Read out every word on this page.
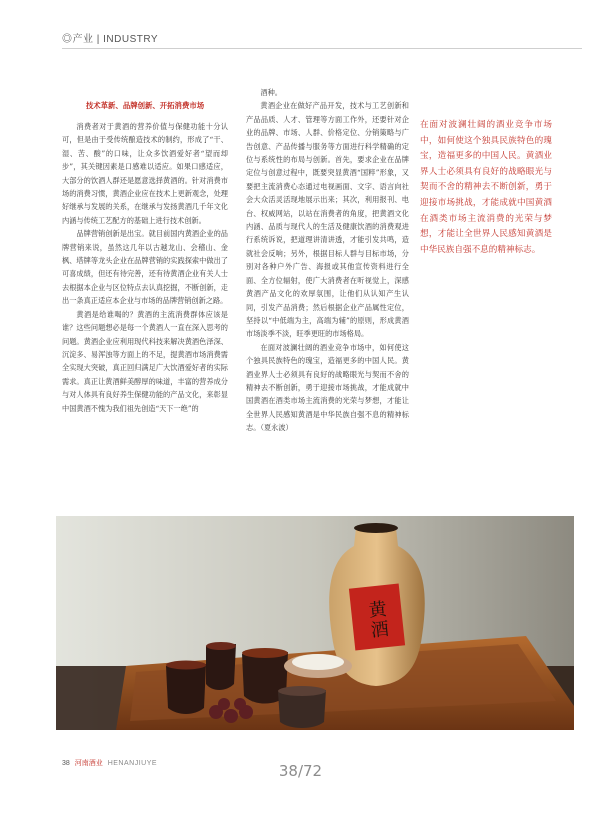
◎产业 | INDUSTRY
技术革新、品牌创新、开拓消费市场

消费者对于黄酒的营养价值与保健功能十分认可，但是由于受传统酿造技术的制约，形成了“干、湿、苦、酸”的口味，让众多饮酒爱好者“望而却步”，其关键因素是口感难以适应。如果口感适应，大部分的饮酒人群还是愿意选择黄酒的。针对消费市场的消费习惯，黄酒企业应在技术上更新观念，处理好继承与发展的关系，在继承与发扬黄酒几千年文化内涵与传统工艺配方的基础上进行技术创新。

品牌营销创新是出宝。就目前国内黄酒企业的品牌营销来说，虽然这几年以古越龙山、会稽山、金枫、塔牌等龙头企业在品牌营销的实践探索中做出了可喜成绩，但还有待完善，还有待黄酒企业有关人士去根据本企业与区位特点去认真挖掘，不断创新，走出一条真正适应本企业与市场的品牌营销创新之路。

黄酒是给谁喝的？黄酒的主流消费群体应该是谁？这些问题想必是每一个黄酒人一直在深入思考的问题。黄酒企业应利用现代科技来解决黄酒色泽深、沉淀多、易浑浊等方面上的不足，提黄酒市场消费需全实现大突破，真正回归满足广大饮酒爱好者的实际需求。真正让黄酒鲜美醇厚的味道，丰富的营养成分与对人体具有良好养生保健功能的产品文化，来彰显中国黄酒不愧为我们祖先创造“天下一绝”的

酒种。

黄酒企业在做好产品开发，技术与工艺创新和产品品质、人才、管理等方面工作外，还要针对企业的品牌、市场、人群、价格定位、分销策略与广告创意、产品传播与服务等方面进行科学精确的定位与系统性的布局与创新。首先，要求企业在品牌定位与创意过程中，既要突显黄酒“国粹”形象，又要把主流消费心态通过电视画面、文字、语言向社会大众活灵活现地展示出来；其次，利用报刊、电台、权威网站，以站在消费者的角度，把黄酒文化内涵、品质与现代人的生活及健康饮酒的消费观进行系统诉说，把道理讲清讲透，才能引发共鸣，造就社会反响；另外，根据目标人群与目标市场，分别对各种户外广告、海报或其他宣传资料进行全面、全方位辐射，使广大消费者在听视觉上，深感黄酒产品文化的欢厚氛围，让他们从认知产生认同，引发产品消费；然后根据企业产品属性定位，坚持以“中低端为主，高端为辅”的原则，形成黄酒市场淡季不淡，旺季更旺的市场格局。

在面对波澜壮阔的酒业竞争市场中，如何使这个独具民族特色的瑰宝，造福更多的中国人民。黄酒业界人士必须具有良好的战略眼光与契而不舍的精神去不断创新，勇于迎接市场挑战，才能成就中国黄酒在酒类市场主流消费的光荣与梦想，才能让全世界人民感知黄酒是中华民族自强不息的精神标志。（夏永波）

在面对波澜壮阔的酒业竞争市场中，如何使这个独具民族特色的瑰宝，造福更多的中国人民。黄酒业界人士必须具有良好的战略眼光与契而不舍的精神去不断创新，勇于迎接市场挑战，才能成就中国黄酒在酒类市场主流消费的光荣与梦想，才能让全世界人民感知黄酒是中华民族自强不息的精神标志。
黄酒
38 河南酒业 HENANJIUYE	38/72
